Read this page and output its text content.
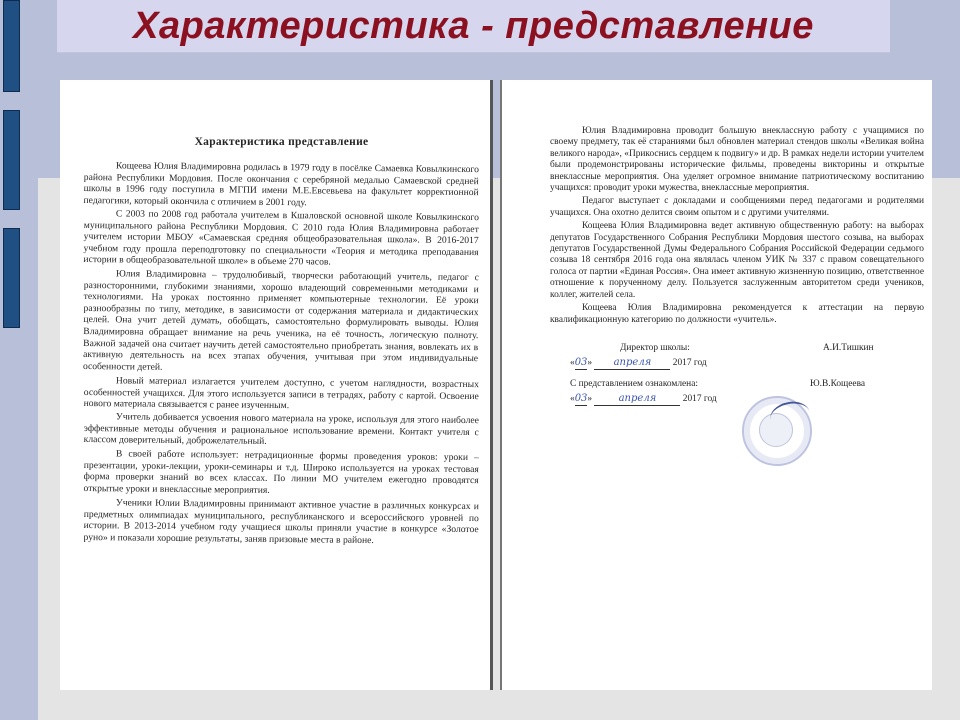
Характеристика - представление
Характеристика представление

Кощеева Юлия Владимировна родилась в 1979 году в посёлке Самаевка Ковылкинского района Республики Мордовия. После окончания с серебряной медалью Самаевской средней школы в 1996 году поступила в МГПИ имени М.Е.Евсевьева на факультет корректионной педагогики, который окончила с отличием в 2001 году.

С 2003 по 2008 год работала учителем в Кшаловской основной школе Ковылкинского муниципального района Республики Мордовия. С 2010 года Юлия Владимировна работает учителем истории МБОУ «Самаевская средняя общеобразовательная школа». В 2016-2017 учебном году прошла переподготовку по специальности «Теория и методика преподавания истории в общеобразовательной школе» в объеме 270 часов.

Юлия Владимировна – трудолюбивый, творчески работающий учитель, педагог с разносторонними, глубокими знаниями, хорошо владеющий современными методиками и технологиями. На уроках постоянно применяет компьютерные технологии. Её уроки разнообразны по типу, методике, в зависимости от содержания материала и дидактических целей. Она учит детей думать, обобщать, самостоятельно формулировать выводы. Юлия Владимировна обращает внимание на речь ученика, на её точность, логическую полноту. Важной задачей она считает научить детей самостоятельно приобретать знания, вовлекать их в активную деятельность на всех этапах обучения, учитывая при этом индивидуальные особенности детей.

Новый материал излагается учителем доступно, с учетом наглядности, возрастных особенностей учащихся. Для этого используется записи в тетрадях, работу с картой. Освоение нового материала связывается с ранее изученным.

Учитель добивается усвоения нового материала на уроке, используя для этого наиболее эффективные методы обучения и рациональное использование времени. Контакт учителя с классом доверительный, доброжелательный.

В своей работе использует: нетрадиционные формы проведения уроков: уроки – презентации, уроки-лекции, уроки-семинары и т.д. Широко используется на уроках тестовая форма проверки знаний во всех классах. По линии МО учителем ежегодно проводятся открытые уроки и внеклассные мероприятия.

Ученики Юлии Владимировны принимают активное участие в различных конкурсах и предметных олимпиадах муниципального, республиканского и всероссийского уровней по истории. В 2013-2014 учебном году учащиеся школы приняли участие в конкурсе «Золотое руно» и показали хорошие результаты, заняв призовые места в районе.

Юлия Владимировна проводит большую внеклассную работу с учащимися по своему предмету, так её стараниями был обновлен материал стендов школы «Великая война великого народа», «Прикоснись сердцем к подвигу» и др. В рамках недели истории учителем были продемонстрированы исторические фильмы, проведены викторины и открытые внеклассные мероприятия. Она уделяет огромное внимание патриотическому воспитанию учащихся: проводит уроки мужества, внеклассные мероприятия.

Педагог выступает с докладами и сообщениями перед педагогами и родителями учащихся. Она охотно делится своим опытом и с другими учителями.

Кощеева Юлия Владимировна ведет активную общественную работу: на выборах депутатов Государственного Собрания Республики Мордовия шестого созыва, на выборах депутатов Государственной Думы Федерального Собрания Российской Федерации седьмого созыва 18 сентября 2016 года она являлась членом УИК № 337 с правом совещательного голоса от партии «Единая Россия». Она имеет активную жизненную позицию, ответственное отношение к порученному делу. Пользуется заслуженным авторитетом среди учеников, коллег, жителей села.

Кощеева Юлия Владимировна рекомендуется к аттестации на первую квалификационную категорию по должности «учитель».

Директор школы:	А.И.Тишкин
«03» апреля 2017 год
С представлением ознакомлена:	Ю.В.Кощеева
«03»	апреля	2017 год
